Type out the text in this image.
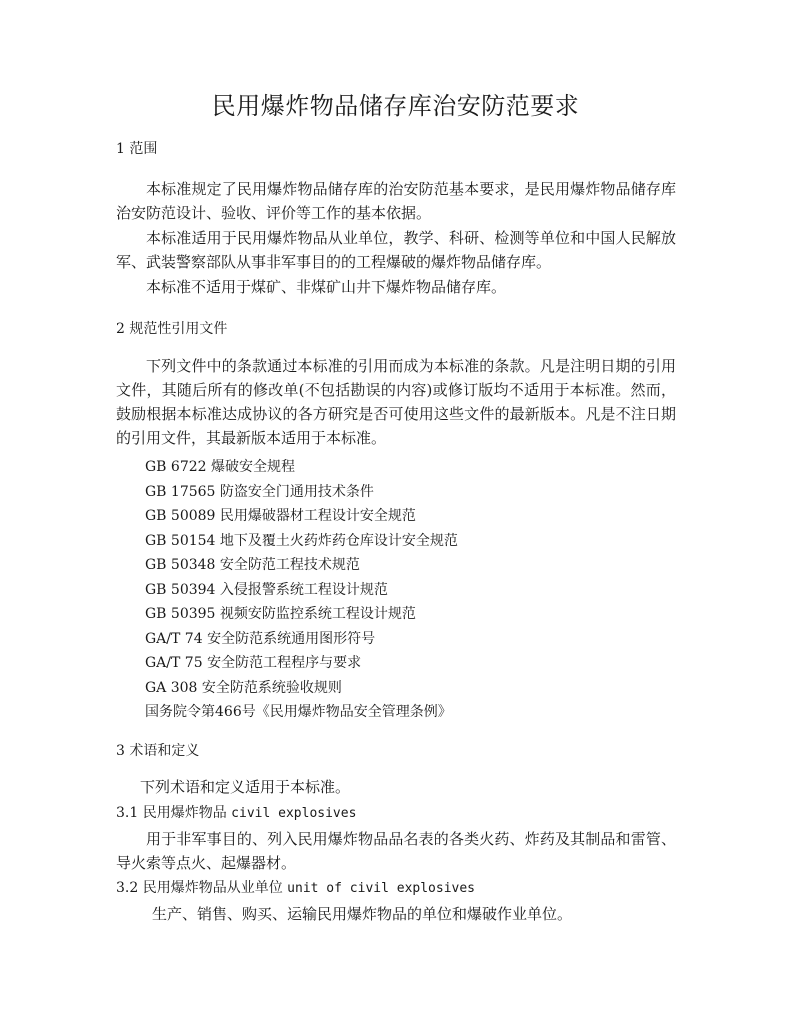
民用爆炸物品储存库治安防范要求
1 范围
本标准规定了民用爆炸物品储存库的治安防范基本要求，是民用爆炸物品储存库治安防范设计、验收、评价等工作的基本依据。
本标准适用于民用爆炸物品从业单位，教学、科研、检测等单位和中国人民解放军、武装警察部队从事非军事目的的工程爆破的爆炸物品储存库。
本标准不适用于煤矿、非煤矿山井下爆炸物品储存库。
2 规范性引用文件
下列文件中的条款通过本标准的引用而成为本标准的条款。凡是注明日期的引用文件，其随后所有的修改单(不包括勘误的内容)或修订版均不适用于本标准。然而，鼓励根据本标准达成协议的各方研究是否可使用这些文件的最新版本。凡是不注日期的引用文件，其最新版本适用于本标准。
GB 6722 爆破安全规程
GB 17565 防盗安全门通用技术条件
GB 50089 民用爆破器材工程设计安全规范
GB 50154 地下及覆土火药炸药仓库设计安全规范
GB 50348 安全防范工程技术规范
GB 50394 入侵报警系统工程设计规范
GB 50395 视频安防监控系统工程设计规范
GA/T 74 安全防范系统通用图形符号
GA/T 75 安全防范工程程序与要求
GA 308 安全防范系统验收规则
国务院令第466号《民用爆炸物品安全管理条例》
3 术语和定义
下列术语和定义适用于本标准。
3.1 民用爆炸物品 civil explosives
用于非军事目的、列入民用爆炸物品品名表的各类火药、炸药及其制品和雷管、导火索等点火、起爆器材。
3.2 民用爆炸物品从业单位 unit of civil explosives
生产、销售、购买、运输民用爆炸物品的单位和爆破作业单位。
